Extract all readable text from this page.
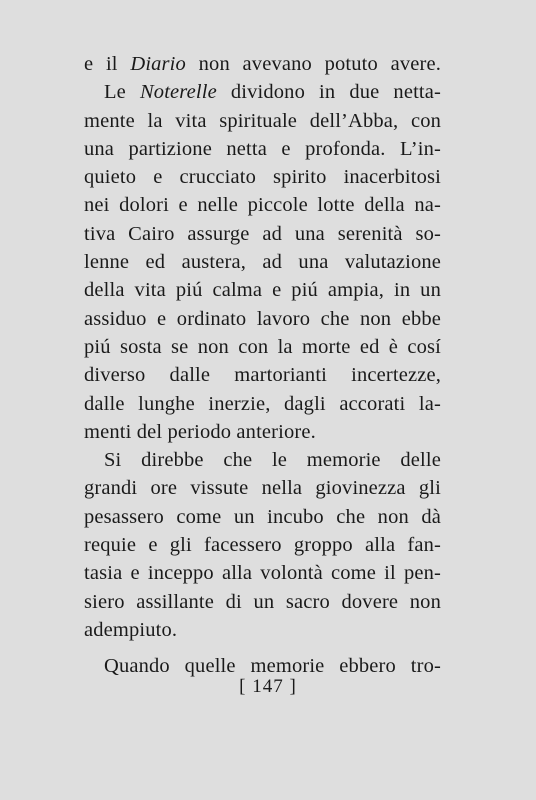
e il Diario non avevano potuto avere.
Le Noterelle dividono in due netta-
mente la vita spirituale dell’Abba, con
una partizione netta e profonda. L’in-
quieto e crucciato spirito inacerbitosi
nei dolori e nelle piccole lotte della na-
tiva Cairo assurge ad una serenità so-
lenne ed austera, ad una valutazione
della vita piú calma e piú ampia, in un
assiduo e ordinato lavoro che non ebbe
piú sosta se non con la morte ed è cosí
diverso dalle martorianti incertezze,
dalle lunghe inerzie, dagli accorati la-
menti del periodo anteriore.
Si direbbe che le memorie delle
grandi ore vissute nella giovinezza gli
pesassero come un incubo che non dà
requie e gli facessero groppo alla fan-
tasia e inceppo alla volontà come il pen-
siero assillante di un sacro dovere non
adempiuto.
Quando quelle memorie ebbero tro-
[ 147 ]
